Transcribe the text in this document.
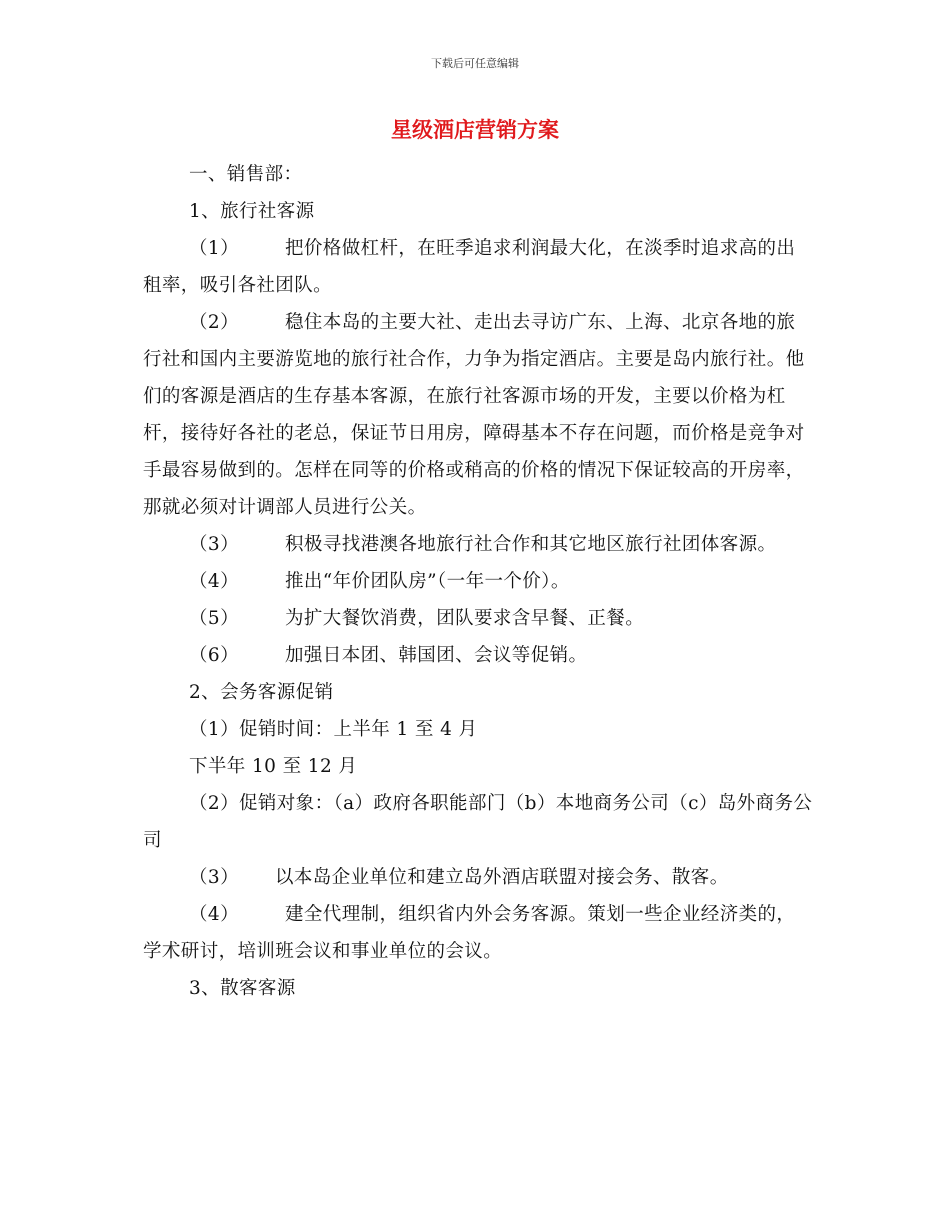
下载后可任意编辑
星级酒店营销方案

一、销售部：

1、旅行社客源

（1） 把价格做杠杆，在旺季追求利润最大化，在淡季时追求高的出租率，吸引各社团队。

（2） 稳住本岛的主要大社、走出去寻访广东、上海、北京各地的旅行社和国内主要游览地的旅行社合作，力争为指定酒店。主要是岛内旅行社。他们的客源是酒店的生存基本客源，在旅行社客源市场的开发，主要以价格为杠杆，接待好各社的老总，保证节日用房，障碍基本不存在问题，而价格是竞争对手最容易做到的。怎样在同等的价格或稍高的价格的情况下保证较高的开房率，那就必须对计调部人员进行公关。

（3） 积极寻找港澳各地旅行社合作和其它地区旅行社团体客源。

（4） 推出“年价团队房”（一年一个价）。

（5） 为扩大餐饮消费，团队要求含早餐、正餐。

（6） 加强日本团、韩国团、会议等促销。

2、会务客源促销

（1）促销时间：上半年 1 至 4 月

下半年 10 至 12 月

（2）促销对象：（a）政府各职能部门（b）本地商务公司（c）岛外商务公司

（3） 以本岛企业单位和建立岛外酒店联盟对接会务、散客。

（4） 建全代理制，组织省内外会务客源。策划一些企业经济类的，学术研讨，培训班会议和事业单位的会议。

3、散客客源
